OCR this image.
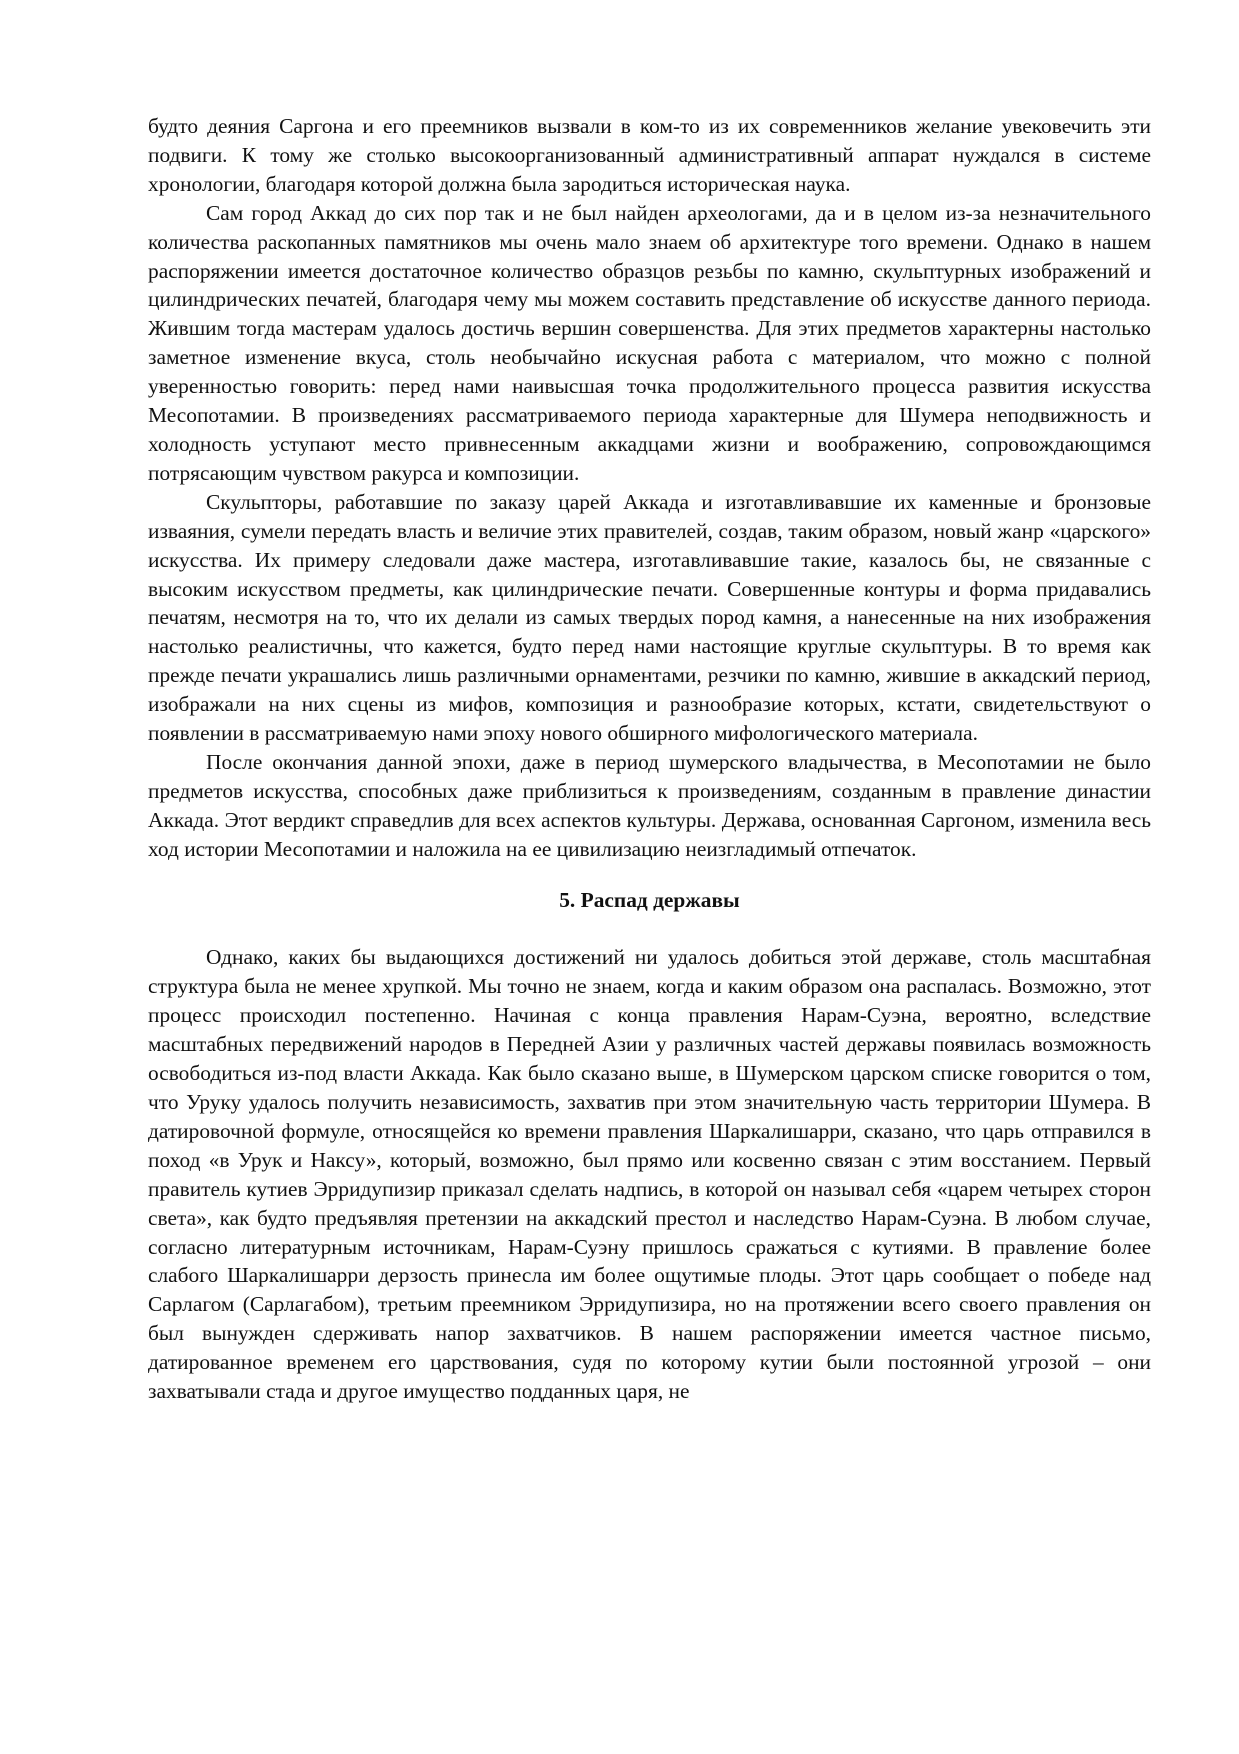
будто деяния Саргона и его преемников вызвали в ком-то из их современников желание увековечить эти подвиги. К тому же столько высокоорганизованный административный аппарат нуждался в системе хронологии, благодаря которой должна была зародиться историческая наука.

Сам город Аккад до сих пор так и не был найден археологами, да и в целом из-за незначительного количества раскопанных памятников мы очень мало знаем об архитектуре того времени. Однако в нашем распоряжении имеется достаточное количество образцов резьбы по камню, скульптурных изображений и цилиндрических печатей, благодаря чему мы можем составить представление об искусстве данного периода. Жившим тогда мастерам удалось достичь вершин совершенства. Для этих предметов характерны настолько заметное изменение вкуса, столь необычайно искусная работа с материалом, что можно с полной уверенностью говорить: перед нами наивысшая точка продолжительного процесса развития искусства Месопотамии. В произведениях рассматриваемого периода характерные для Шумера неподвижность и холодность уступают место привнесенным аккадцами жизни и воображению, сопровождающимся потрясающим чувством ракурса и композиции.

Скульпторы, работавшие по заказу царей Аккада и изготавливавшие их каменные и бронзовые изваяния, сумели передать власть и величие этих правителей, создав, таким образом, новый жанр «царского» искусства. Их примеру следовали даже мастера, изготавливавшие такие, казалось бы, не связанные с высоким искусством предметы, как цилиндрические печати. Совершенные контуры и форма придавались печатям, несмотря на то, что их делали из самых твердых пород камня, а нанесенные на них изображения настолько реалистичны, что кажется, будто перед нами настоящие круглые скульптуры. В то время как прежде печати украшались лишь различными орнаментами, резчики по камню, жившие в аккадский период, изображали на них сцены из мифов, композиция и разнообразие которых, кстати, свидетельствуют о появлении в рассматриваемую нами эпоху нового обширного мифологического материала.

После окончания данной эпохи, даже в период шумерского владычества, в Месопотамии не было предметов искусства, способных даже приблизиться к произведениям, созданным в правление династии Аккада. Этот вердикт справедлив для всех аспектов культуры. Держава, основанная Саргоном, изменила весь ход истории Месопотамии и наложила на ее цивилизацию неизгладимый отпечаток.

5. Распад державы

Однако, каких бы выдающихся достижений ни удалось добиться этой державе, столь масштабная структура была не менее хрупкой. Мы точно не знаем, когда и каким образом она распалась. Возможно, этот процесс происходил постепенно. Начиная с конца правления Нарам-Суэна, вероятно, вследствие масштабных передвижений народов в Передней Азии у различных частей державы появилась возможность освободиться из-под власти Аккада. Как было сказано выше, в Шумерском царском списке говорится о том, что Уруку удалось получить независимость, захватив при этом значительную часть территории Шумера. В датировочной формуле, относящейся ко времени правления Шаркалишарри, сказано, что царь отправился в поход «в Урук и Наксу», который, возможно, был прямо или косвенно связан с этим восстанием. Первый правитель кутиев Эрридупизир приказал сделать надпись, в которой он называл себя «царем четырех сторон света», как будто предъявляя претензии на аккадский престол и наследство Нарам-Суэна. В любом случае, согласно литературным источникам, Нарам-Суэну пришлось сражаться с кутиями. В правление более слабого Шаркалишарри дерзость принесла им более ощутимые плоды. Этот царь сообщает о победе над Сарлагом (Сарлагабом), третьим преемником Эрридупизира, но на протяжении всего своего правления он был вынужден сдерживать напор захватчиков. В нашем распоряжении имеется частное письмо, датированное временем его царствования, судя по которому кутии были постоянной угрозой – они захватывали стада и другое имущество подданных царя, не
